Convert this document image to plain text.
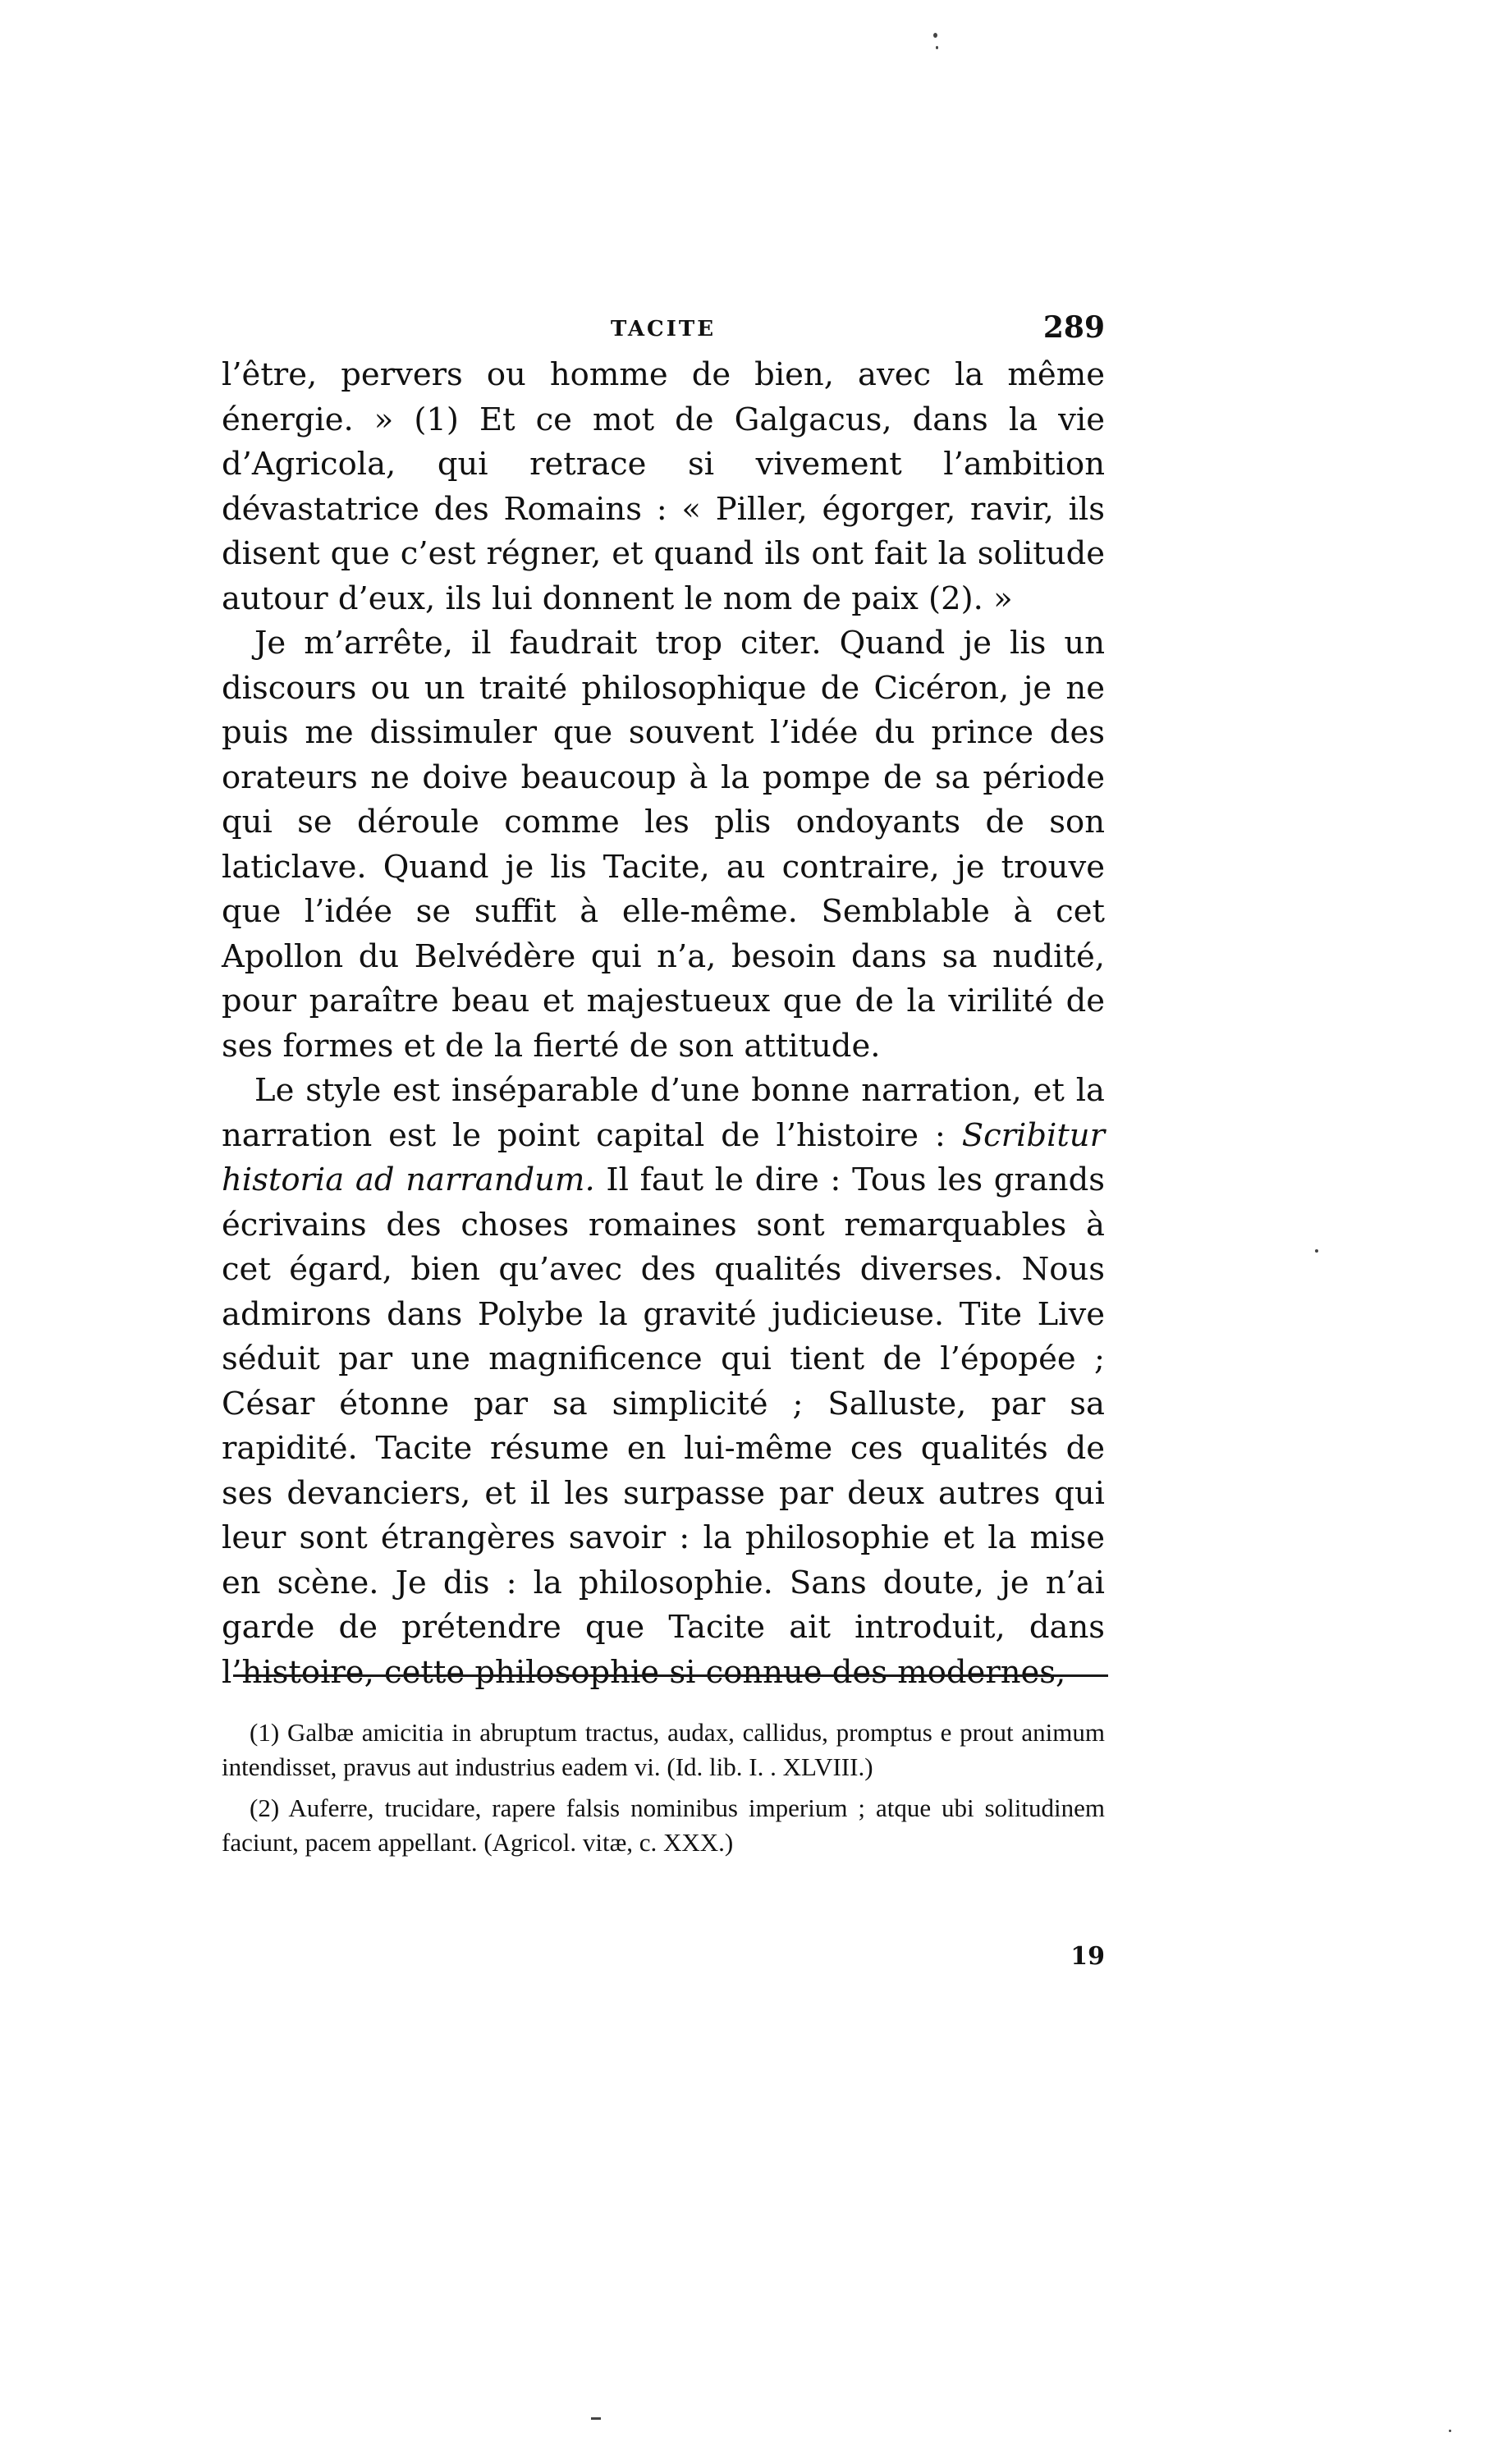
TACITE	289

l’être, pervers ou homme de bien, avec la même énergie. » (1) Et ce mot de Galgacus, dans la vie d’Agricola, qui retrace si vivement l’ambition dévastatrice des Romains : « Piller, égorger, ravir, ils disent que c’est régner, et quand ils ont fait la solitude autour d’eux, ils lui donnent le nom de paix (2). »

Je m’arrête, il faudrait trop citer. Quand je lis un discours ou un traité philosophique de Cicéron, je ne puis me dissimuler que souvent l’idée du prince des orateurs ne doive beaucoup à la pompe de sa période qui se déroule comme les plis ondoyants de son laticlave. Quand je lis Tacite, au contraire, je trouve que l’idée se suffit à elle-même. Semblable à cet Apollon du Belvédère qui n’a, besoin dans sa nudité, pour paraître beau et majestueux que de la virilité de ses formes et de la fierté de son attitude.

Le style est inséparable d’une bonne narration, et la narration est le point capital de l’histoire : Scribitur historia ad narrandum. Il faut le dire : Tous les grands écrivains des choses romaines sont remarquables à cet égard, bien qu’avec des qualités diverses. Nous admirons dans Polybe la gravité judicieuse. Tite Live séduit par une magnificence qui tient de l’épopée ; César étonne par sa simplicité ; Salluste, par sa rapidité. Tacite résume en lui-même ces qualités de ses devanciers, et il les surpasse par deux autres qui leur sont étrangères savoir : la philosophie et la mise en scène. Je dis : la philosophie. Sans doute, je n’ai garde de prétendre que Tacite ait introduit, dans l’histoire, cette philosophie si connue des modernes,

(1) Galbæ amicitia in abruptum tractus, audax, callidus, promptus e prout animum intendisset, pravus aut industrius eadem vi. (Id. lib. I. . XLVIII.)

(2) Auferre, trucidare, rapere falsis nominibus imperium ; atque ubi solitudinem faciunt, pacem appellant. (Agricol. vitæ, c. XXX.)

19
